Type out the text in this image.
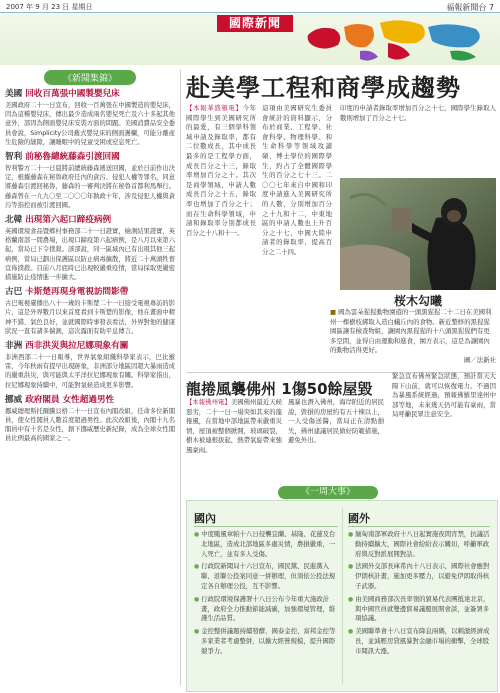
2007 年 9 月 23 日 星期日	福報新聞台 7
國際新聞
《新聞集錦》
美國 回收百萬張中國製嬰兒床

美國政府二十一日宣布，回收一百萬張在中國製造的嬰兒床，因為這種嬰兒床，傳出最少造成兩名嬰兒死亡及六十多起其他意外，部因為側面嬰兒床安裝方面的問題。美國消費品安全委員會說，Simplicity公司舊式嬰兒床的側面護欄，可能分離產生危險的縫隙，讓睡眠中的兒童受困或窒息死亡。

智利 前秘魯總統藤森引渡回國

智利警方二十一日晨將前總統藤森遞送回國，並於日前作出決定，根據藤森在秘魯政府任內的貪污、侵犯人權等罪名，同意將藤森引渡回秘魯，藤森的一審判決將在秘魯首都利馬舉行。藤森曾在一九九〇至二〇〇〇年執政十年，涉及侵犯人權與貪污等指控而被引渡回國。

北韓 出現第六起口蹄疫病例

英國環境食品暨鄉村事務部二十一日證實，檢測結果證實，英格蘭南部一間農場，出現口蹄疫第六起病例，是八月以來第六起，當局已下令撲殺。該部說，同一區域內已有出現其他三起病例，當局已劃出保護區以防止病毒擴散，將近二十萬頭牲畜宣佈撲殺。目前八月底時已出現較嚴重疫情，當局採取更嚴密措施防止疫情進一步擴大。

古巴 卡斯楚再現身電視訪問影帶

古巴電視臺播出八十一歲的卡斯楚二十一日接受電視專訪的影片，這是外界數月以來首度看到卡斯楚的影像，他在畫面中精神不錯、氣色良好，並就國際時事發表看法，外界對他的健康狀況一直有諸多揣測，這次露面有助平息傳言。

非洲 西非洪災與拉尼娜現象有關

非洲西部二十一日報導，世界氣象組織科學家表示，巴比羅雷，今年秋雨有提早出現跡象，非洲部分地區因超大暴雨造成的嚴重洪災，與可能與太平洋拉尼娜現象有關。科學家指出，拉尼娜現象持續中，可能對氣候造成更多影響。

挪威 政府閣員 女性超過男性

挪威總理斯托爾騰貝格二十一日宣布內閣改組，任命多位新閣員，使女性閣員人數首度超過男性。此次改組後，內閣十九名閣員中有十名是女性，創下挪威歷史新紀錄，成為全球女性閣員比例最高的國家之一。

赴美學工程和商學成趨勢

【本報華盛頓電】今年國際學生到美國研究所的最愛，有三個學科領域申請及錄取率，都有二位數成長，其中成長最多的是工程學方面，成長百分之十三，錄取率增加百分之十。其次是商學領域，申請人數成長百分之十五，錄取率也增加了百分之十；而在生命科學領域，申請和錄取率分別都成長百分之十八和十一。

這項由美國研究生委員會統計的資料顯示，分布於商業、工程學、社會科學、物理科學、和生命科學等領域攻讀碩、博士學位的國際學生，約占了全體國際學生的百分之七十三。二〇〇七年來自中國和印度申請進入美國研究所的人數，分別增加百分之十九和十二，中東地區的申請人數也上升百分之十七，中國大陸申請者的錄取率，提高百分之二十四。

印度的申請者錄取率增加百分之十七，國際學生錄取人數則增加了百分之十七。

桜木勾曦
■ 國為雲朵猩猩動物園遊的一頭黑猩猩二十二日在美國利州一棵樹枝綁取入造白蟻丘內的食物。新近整修的黑猩猩園區讓有檢查物組，讓園內黑猩猩的十八頭黑猩猩們有更多空間，並得自由運動和進食，園方表示，這是為讓園內的動物活得更好。
圖／法新社
龍捲風襲佛州 1傷50餘屋毀

【本報佛州電】美國佛州最近天候惡劣，二十一日一場突如其來的龍捲風，在當地中部地區帶來嚴重災情，屋頂被整個掀開，玻璃破裂，樹木被連根拔起，熱帶氣旋帶來強風豪雨。

風暴也潛入佛州，海岸附近的居民說，毀損的房屋約有五十棟以上，一人受傷送醫，當局正在清點損失，佛州建議居民做好防範措施，避免外出。

緊急宣布佛州緊急狀態，預計當天大陽下山前，就可以恢復電力。不過因為暴風系統經過，預報佛羅里達州中部等地，未來幾天仍可能有豪雨，當局呼籲民眾注意安全。

《一周大事》
國內
● 中度颱風章帕十八日侵襲宜蘭、基隆、花蓮及台北地區，造成北部地區多處災情，農損嚴重，一人死亡，並有多人受傷。
● 行政院新聞局十六日宣布，國民黨、民進黨入聯、返聯公投案同意一併辦理，但須依公投法規定各自辦理公投，互不影響。
● 行政院環境保護署十八日公布今年重大施政計畫，政府全力推動節能減碳，加強環境管理，維護生活品質。
● 金控整併議題持續發酵，國泰金控、富邦金控等多家業者考慮整併，以擴大經營規模，提升國際競爭力。
國外
● 緬甸南部軍政府十八日起實施夜間宵禁，抗議活動持續擴大，國際社會紛紛表示關切，呼籲軍政府與反對派展開對話。
● 法國外交部長庫希內十八日表示，國際社會應對伊朗核計畫，施加更多壓力，以避免伊朗取得核子武器。
● 由美國商務部次長率領的貿易代表團抵達北京，與中國官員就雙邊貿易議題展開會談，並簽署多項協議。
● 美國聯準會十八日宣布降息兩碼，以刺激經濟成長，並減輕房貸風暴對金融市場的衝擊，全球股市聞訊大漲。
